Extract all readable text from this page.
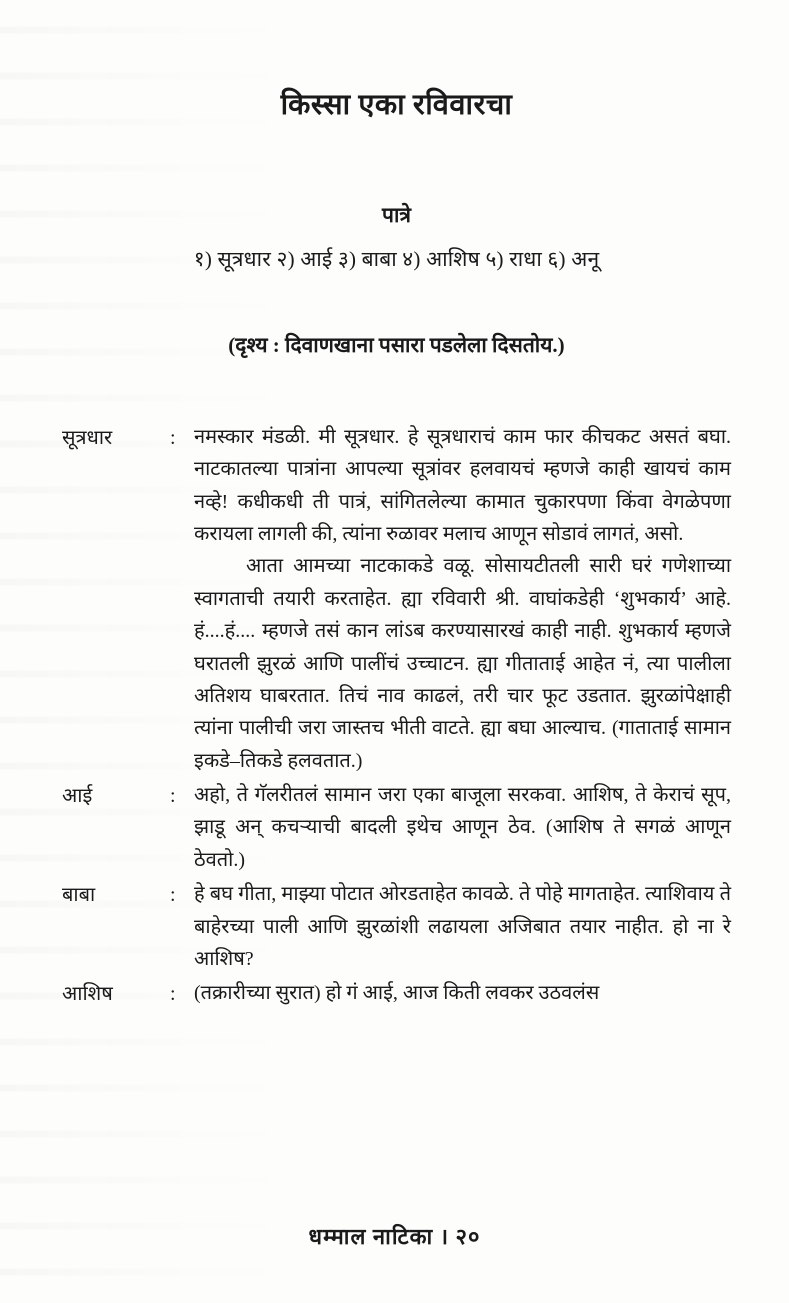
किस्सा एका रविवारचा
पात्रे
१) सूत्रधार २) आई ३) बाबा ४) आशिष ५) राधा ६) अनू
(दृश्य : दिवाणखाना पसारा पडलेला दिसतोय.)
सूत्रधार	: नमस्कार मंडळी. मी सूत्रधार. हे सूत्रधाराचं काम फार कीचकट असतं बघा. नाटकातल्या पात्रांना आपल्या सूत्रांवर हलवायचं म्हणजे काही खायचं काम नव्हे! कधीकधी ती पात्रं, सांगितलेल्या कामात चुकारपणा किंवा वेगळेपणा करायला लागली की, त्यांना रुळावर मलाच आणून सोडावं लागतं, असो.

आता आमच्या नाटकाकडे वळू. सोसायटीतली सारी घरं गणेशाच्या स्वागताची तयारी करताहेत. ह्या रविवारी श्री. वाघांकडेही ‘शुभकार्य’ आहे. हं....हं.... म्हणजे तसं कान लांऽब करण्यासारखं काही नाही. शुभकार्य म्हणजे घरातली झुरळं आणि पालींचं उच्चाटन. ह्या गीताताई आहेत नं, त्या पालीला अतिशय घाबरतात. तिचं नाव काढलं, तरी चार फूट उडतात. झुरळांपेक्षाही त्यांना पालीची जरा जास्तच भीती वाटते. ह्या बघा आल्याच. (गाताताई सामान इकडे–तिकडे हलवतात.)

आई	: अहो, ते गॅलरीतलं सामान जरा एका बाजूला सरकवा. आशिष, ते केराचं सूप, झाडू अन् कचऱ्याची बादली इथेच आणून ठेव. (आशिष ते सगळं आणून ठेवतो.)

बाबा	: हे बघ गीता, माझ्या पोटात ओरडताहेत कावळे. ते पोहे मागताहेत. त्याशिवाय ते बाहेरच्या पाली आणि झुरळांशी लढायला अजिबात तयार नाहीत. हो ना रे आशिष?

आशिष	: (तक्रारीच्या सुरात) हो गं आई, आज किती लवकर उठवलंस

धम्माल नाटिका । २०
